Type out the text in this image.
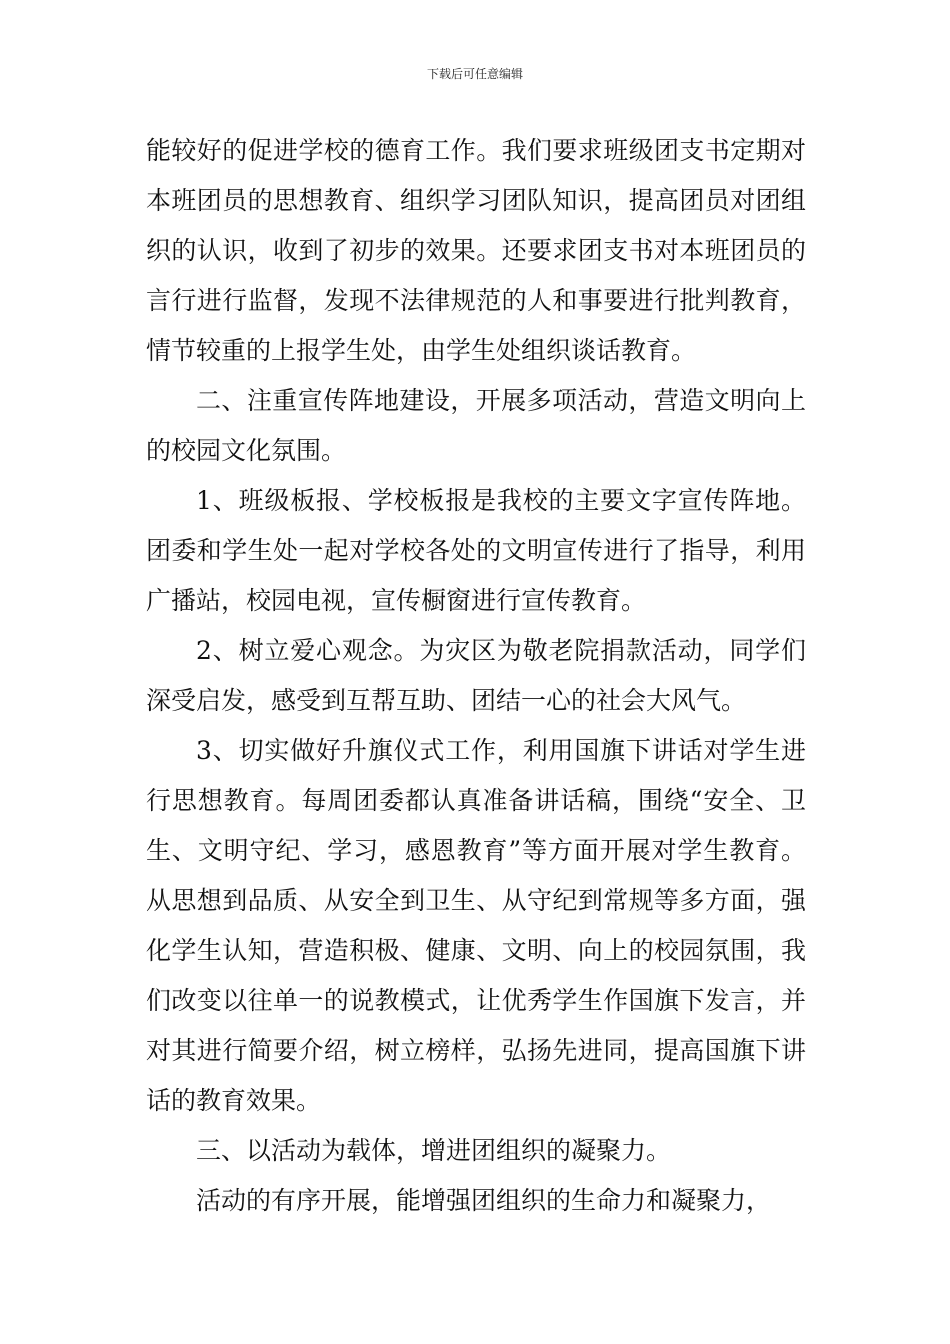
下载后可任意编辑

能较好的促进学校的德育工作。我们要求班级团支书定期对本班团员的思想教育、组织学习团队知识，提高团员对团组织的认识，收到了初步的效果。还要求团支书对本班团员的言行进行监督，发现不法律规范的人和事要进行批判教育，情节较重的上报学生处，由学生处组织谈话教育。

二、注重宣传阵地建设，开展多项活动，营造文明向上的校园文化氛围。

1、班级板报、学校板报是我校的主要文字宣传阵地。团委和学生处一起对学校各处的文明宣传进行了指导，利用广播站，校园电视，宣传橱窗进行宣传教育。

2、树立爱心观念。为灾区为敬老院捐款活动，同学们深受启发，感受到互帮互助、团结一心的社会大风气。

3、切实做好升旗仪式工作，利用国旗下讲话对学生进行思想教育。每周团委都认真准备讲话稿，围绕“安全、卫生、文明守纪、学习，感恩教育”等方面开展对学生教育。从思想到品质、从安全到卫生、从守纪到常规等多方面，强化学生认知，营造积极、健康、文明、向上的校园氛围，我们改变以往单一的说教模式，让优秀学生作国旗下发言，并对其进行简要介绍，树立榜样，弘扬先进同，提高国旗下讲话的教育效果。

三、以活动为载体，增进团组织的凝聚力。

活动的有序开展，能增强团组织的生命力和凝聚力，
